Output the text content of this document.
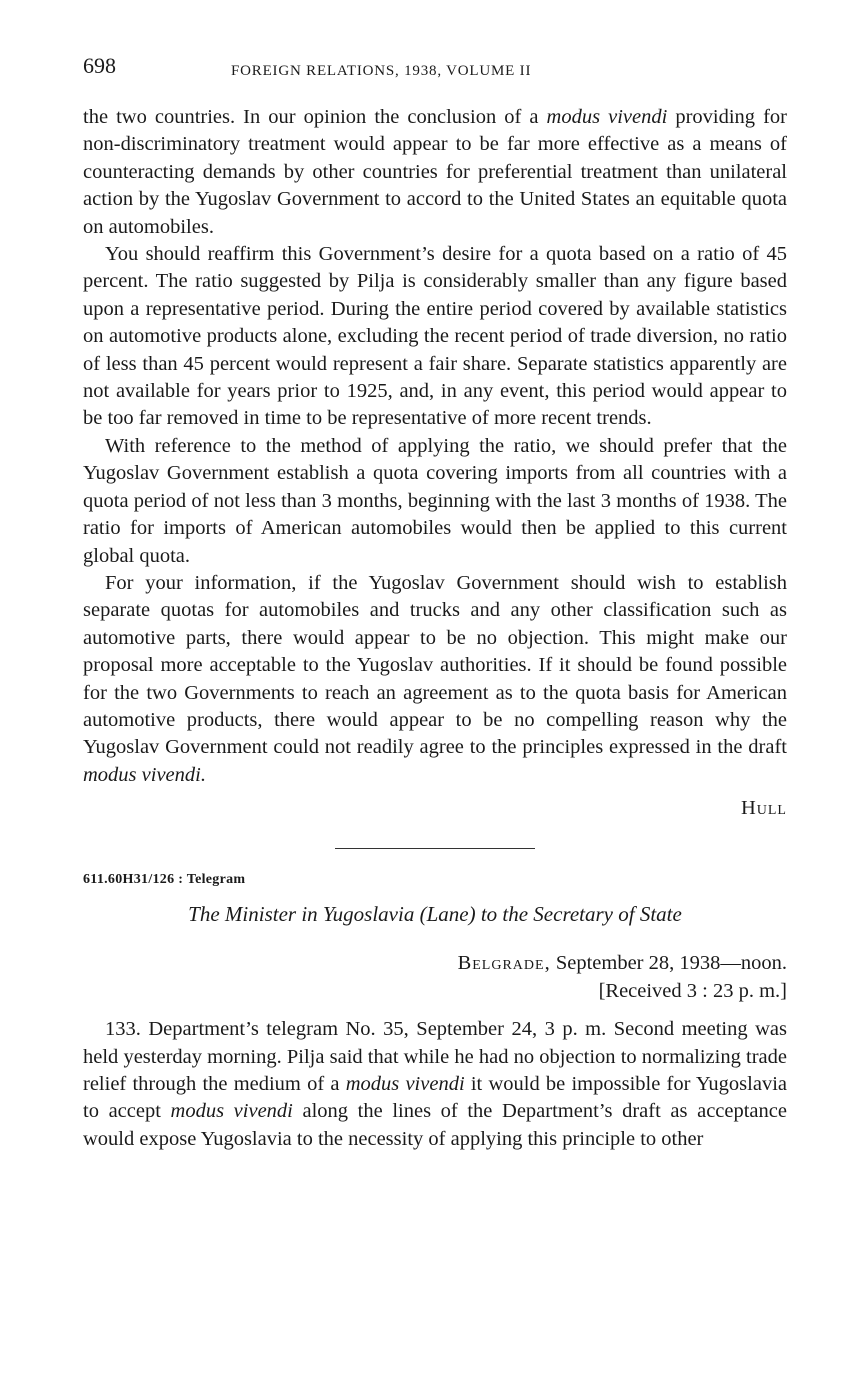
698	FOREIGN RELATIONS, 1938, VOLUME II

the two countries. In our opinion the conclusion of a modus vivendi providing for non-discriminatory treatment would appear to be far more effective as a means of counteracting demands by other countries for preferential treatment than unilateral action by the Yugoslav Government to accord to the United States an equitable quota on automobiles.

You should reaffirm this Government’s desire for a quota based on a ratio of 45 percent. The ratio suggested by Pilja is considerably smaller than any figure based upon a representative period. During the entire period covered by available statistics on automotive products alone, excluding the recent period of trade diversion, no ratio of less than 45 percent would represent a fair share. Separate statistics apparently are not available for years prior to 1925, and, in any event, this period would appear to be too far removed in time to be representative of more recent trends.

With reference to the method of applying the ratio, we should prefer that the Yugoslav Government establish a quota covering imports from all countries with a quota period of not less than 3 months, beginning with the last 3 months of 1938. The ratio for imports of American automobiles would then be applied to this current global quota.

For your information, if the Yugoslav Government should wish to establish separate quotas for automobiles and trucks and any other classification such as automotive parts, there would appear to be no objection. This might make our proposal more acceptable to the Yugoslav authorities. If it should be found possible for the two Governments to reach an agreement as to the quota basis for American automotive products, there would appear to be no compelling reason why the Yugoslav Government could not readily agree to the principles expressed in the draft modus vivendi.

Hull
611.60H31/126 : Telegram
The Minister in Yugoslavia (Lane) to the Secretary of State
Belgrade, September 28, 1938—noon.
[Received 3 : 23 p. m.]

133. Department’s telegram No. 35, September 24, 3 p. m. Second meeting was held yesterday morning. Pilja said that while he had no objection to normalizing trade relief through the medium of a modus vivendi it would be impossible for Yugoslavia to accept modus vivendi along the lines of the Department’s draft as acceptance would expose Yugoslavia to the necessity of applying this principle to other
